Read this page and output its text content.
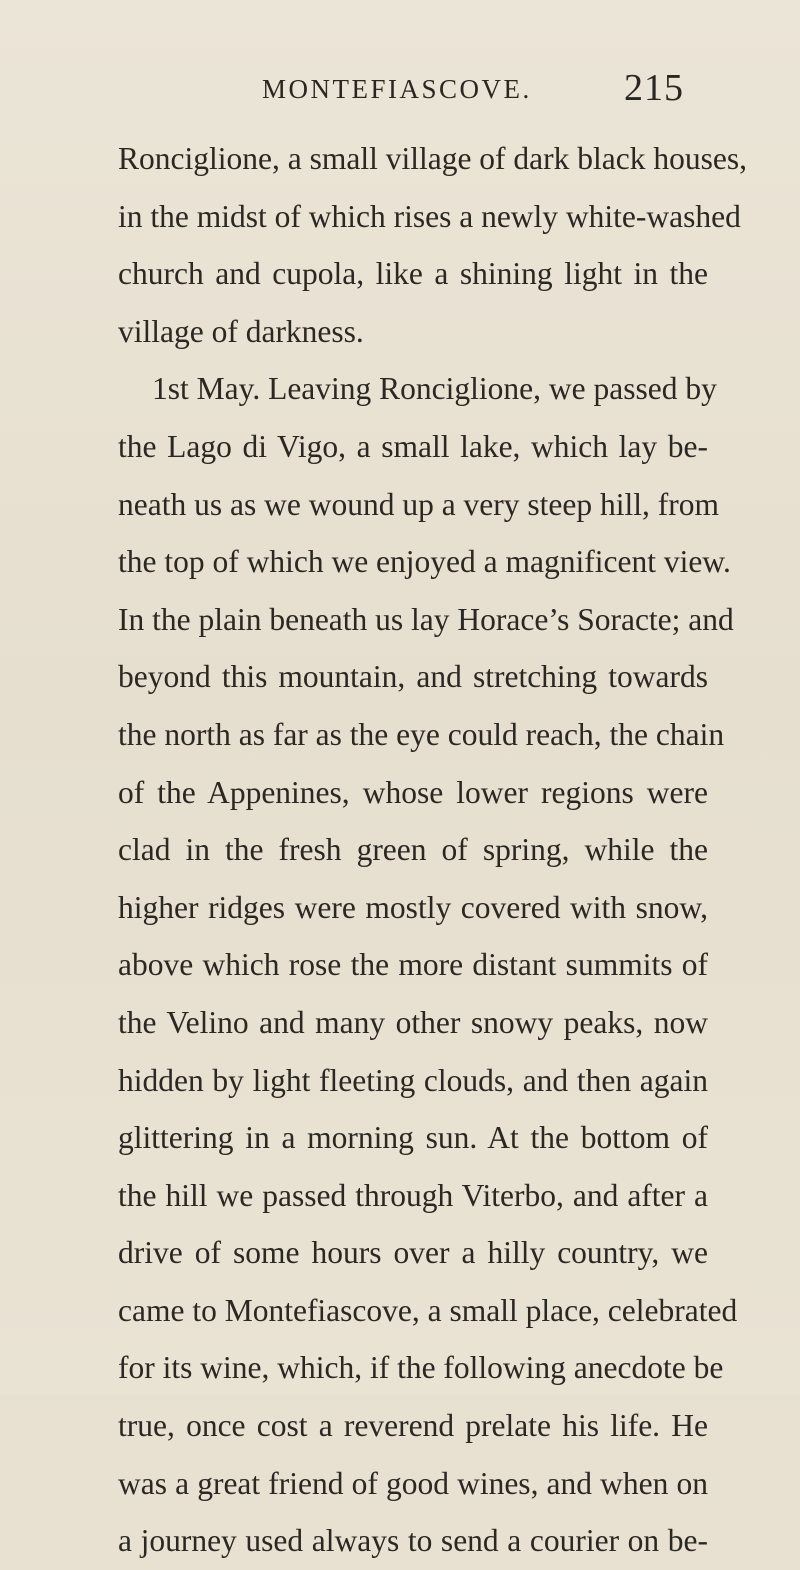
MONTEFIASCOVE. 215
Ronciglione, a small village of dark black houses,
in the midst of which rises a newly white-washed
church and cupola, like a shining light in the
village of darkness.
1st May. Leaving Ronciglione, we passed by
the Lago di Vigo, a small lake, which lay be-
neath us as we wound up a very steep hill, from
the top of which we enjoyed a magnificent view.
In the plain beneath us lay Horace’s Soracte; and
beyond this mountain, and stretching towards
the north as far as the eye could reach, the chain
of the Appenines, whose lower regions were
clad in the fresh green of spring, while the
higher ridges were mostly covered with snow,
above which rose the more distant summits of
the Velino and many other snowy peaks, now
hidden by light fleeting clouds, and then again
glittering in a morning sun. At the bottom of
the hill we passed through Viterbo, and after a
drive of some hours over a hilly country, we
came to Montefiascove, a small place, celebrated
for its wine, which, if the following anecdote be
true, once cost a reverend prelate his life. He
was a great friend of good wines, and when on
a journey used always to send a courier on be-
